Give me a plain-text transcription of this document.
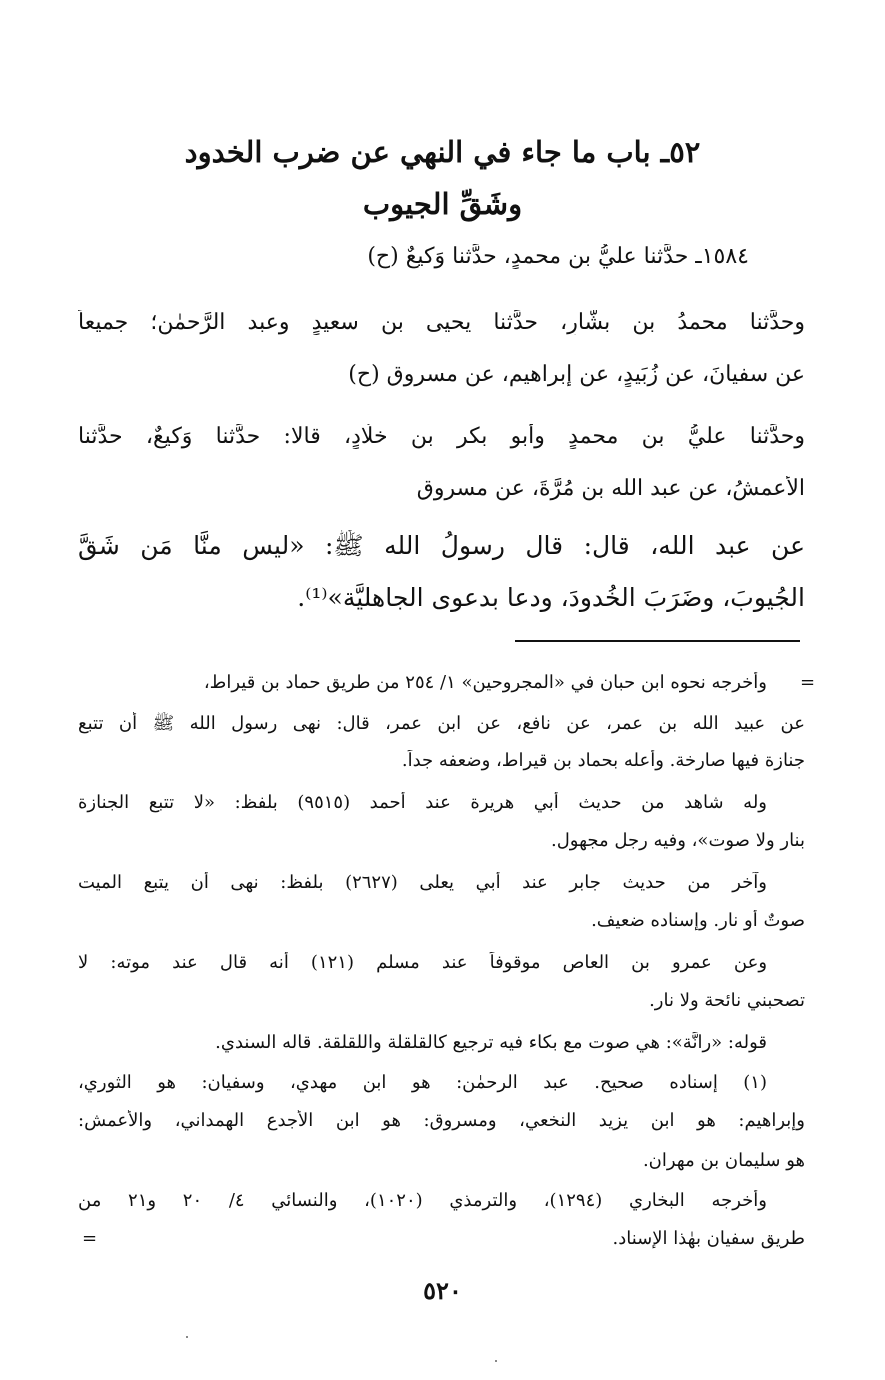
٥٢ـ باب ما جاء في النهي عن ضرب الخدود
وشَقِّ الجيوب
١٥٨٤ـ حدَّثنا عليُّ بن محمدٍ، حدَّثنا وَكيعٌ (ح)
وحدَّثنا محمدُ بن بشَّارٍ، حدَّثنا يحيى بن سعيدٍ وعبد الرَّحمٰن؛ جميعاً
عن سفيانَ، عن زُبَيدٍ، عن إبراهيم، عن مسروقٍ (ح)
وحدَّثنا عليُّ بن محمدٍ وأبو بكر بن خلَّادٍ، قالا: حدَّثنا وَكيعٌ، حدَّثنا
الأعمشُ، عن عبد الله بن مُرَّةَ، عن مسروقٍ
عن عبد الله، قال: قال رسولُ الله ﷺ: «ليس منَّا مَن شَقَّ
الجُيوبَ، وضَرَبَ الخُدودَ، ودعا بدعوى الجاهليَّة»⁽¹⁾.
=
وأخرجه نحوه ابن حبان في «المجروحين» ١/ ٢٥٤ من طريق حماد بن قيراط،
عن عبيد الله بن عمر، عن نافع، عن ابن عمر، قال: نهى رسول الله ﷺ أن تتبع
جنازة فيها صارخة. وأعله بحماد بن قيراط، وضعفه جداً.
وله شاهد من حديث أبي هريرة عند أحمد (٩٥١٥) بلفظ: «لا تتبع الجنازة
بنار ولا صوت»، وفيه رجل مجهول.
وآخر من حديث جابر عند أبي يعلى (٢٦٢٧) بلفظ: نهى أن يتبع الميت
صوتٌ أو نار. وإسناده ضعيف.
وعن عمرو بن العاص موقوفاً عند مسلم (١٢١) أنه قال عند موته: لا
تصحبني نائحة ولا نار.
قوله: «رانَّة»: هي صوت مع بكاء فيه ترجيع كالقلقلة واللقلقة. قاله السندي.
(١) إسناده صحيح. عبد الرحمٰن: هو ابن مهدي، وسفيان: هو الثوري،
وإبراهيم: هو ابن يزيد النخعي، ومسروق: هو ابن الأجدع الهمداني، والأعمش:
هو سليمان بن مهران.
وأخرجه البخاري (١٢٩٤)، والترمذي (١٠٢٠)، والنسائي ٤/ ٢٠ و٢١ من
طريق سفيان بهٰذا الإسناد.
=
٥٢٠
